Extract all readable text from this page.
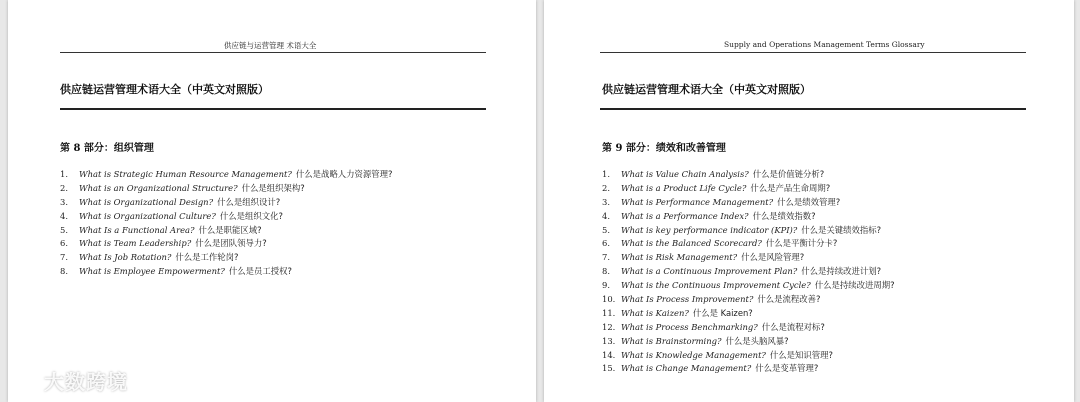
供应链与运营管理 术语大全
供应链运营管理术语大全（中英文对照版）
第 8 部分：组织管理
1.	What is Strategic Human Resource Management? 什么是战略人力资源管理?
2.	What is an Organizational Structure? 什么是组织架构?
3.	What is Organizational Design? 什么是组织设计?
4.	What is Organizational Culture? 什么是组织文化?
5.	What Is a Functional Area? 什么是职能区域?
6.	What is Team Leadership? 什么是团队领导力?
7.	What Is Job Rotation? 什么是工作轮岗?
8.	What is Employee Empowerment? 什么是员工授权?
Supply and Operations Management Terms Glossary
供应链运营管理术语大全（中英文对照版）
第 9 部分：绩效和改善管理
1.	What is Value Chain Analysis? 什么是价值链分析?
2.	What is a Product Life Cycle? 什么是产品生命周期?
3.	What is Performance Management? 什么是绩效管理?
4.	What is a Performance Index? 什么是绩效指数?
5.	What is key performance indicator (KPI)? 什么是关键绩效指标?
6.	What is the Balanced Scorecard? 什么是平衡计分卡?
7.	What is Risk Management? 什么是风险管理?
8.	What is a Continuous Improvement Plan? 什么是持续改进计划?
9.	What is the Continuous Improvement Cycle? 什么是持续改进周期?
10. What Is Process Improvement? 什么是流程改善?
11. What is Kaizen? 什么是 Kaizen?
12. What is Process Benchmarking? 什么是流程对标?
13. What is Brainstorming? 什么是头脑风暴?
14. What is Knowledge Management? 什么是知识管理?
15. What is Change Management? 什么是变革管理?
大数跨境
